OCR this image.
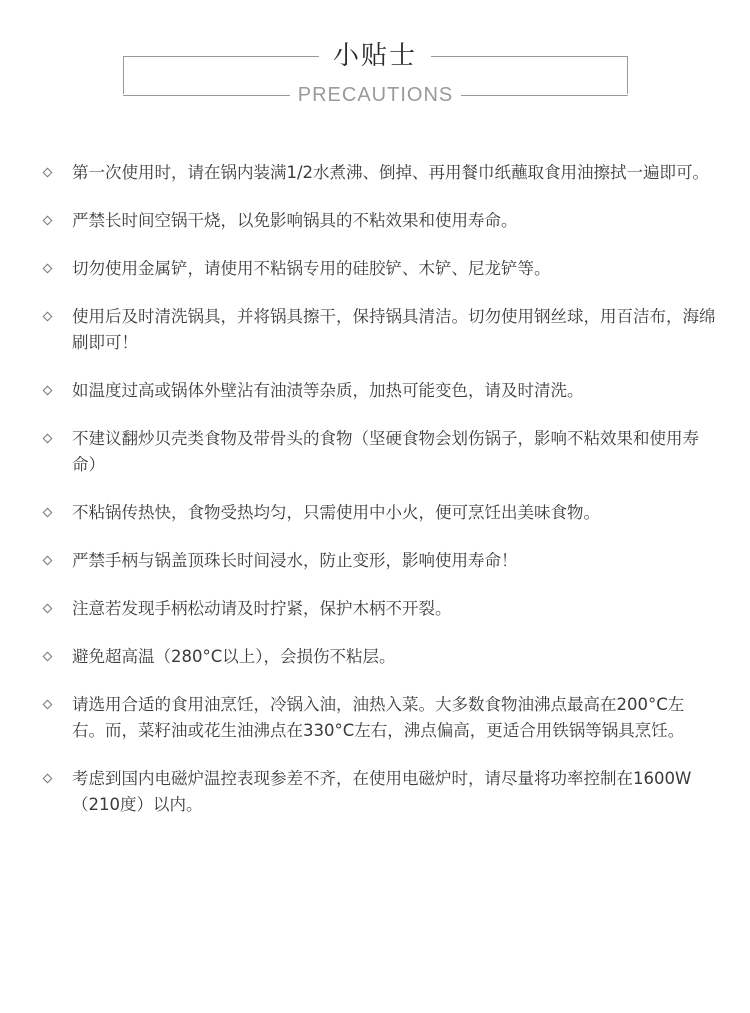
小贴士
PRECAUTIONS
第一次使用时，请在锅内装满1/2水煮沸、倒掉、再用餐巾纸蘸取食用油擦拭一遍即可。
严禁长时间空锅干烧，以免影响锅具的不粘效果和使用寿命。
切勿使用金属铲，请使用不粘锅专用的硅胶铲、木铲、尼龙铲等。
使用后及时清洗锅具，并将锅具擦干，保持锅具清洁。切勿使用钢丝球，用百洁布，海绵刷即可！
如温度过高或锅体外壁沾有油渍等杂质，加热可能变色，请及时清洗。
不建议翻炒贝壳类食物及带骨头的食物（坚硬食物会划伤锅子，影响不粘效果和使用寿命）
不粘锅传热快，食物受热均匀，只需使用中小火，便可烹饪出美味食物。
严禁手柄与锅盖顶珠长时间浸水，防止变形，影响使用寿命！
注意若发现手柄松动请及时拧紧，保护木柄不开裂。
避免超高温（280°C以上），会损伤不粘层。
请选用合适的食用油烹饪，冷锅入油，油热入菜。大多数食物油沸点最高在200°C左右。而，菜籽油或花生油沸点在330°C左右，沸点偏高，更适合用铁锅等锅具烹饪。
考虑到国内电磁炉温控表现参差不齐，在使用电磁炉时，请尽量将功率控制在1600W（210度）以内。
